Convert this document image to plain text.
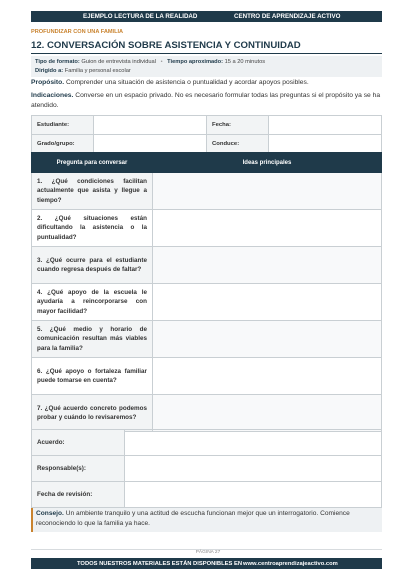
EJEMPLO LECTURA DE LA REALIDAD	CENTRO DE APRENDIZAJE ACTIVO
PROFUNDIZAR CON UNA FAMILIA
12. CONVERSACIÓN SOBRE ASISTENCIA Y CONTINUIDAD
Tipo de formato: Guion de entrevista individual • Tiempo aproximado: 15 a 20 minutos
Dirigido a: Familia y personal escolar
Propósito. Comprender una situación de asistencia o puntualidad y acordar apoyos posibles.
Indicaciones. Converse en un espacio privado. No es necesario formular todas las preguntas si el propósito ya se ha atendido.
Estudiante:		Fecha:	
Grado/grupo:		Conduce:	
Pregunta para conversar	Ideas principales
1. ¿Qué condiciones facilitan actualmente que asista y llegue a tiempo?	
2. ¿Qué situaciones están dificultando la asistencia o la puntualidad?	
3. ¿Qué ocurre para el estudiante cuando regresa después de faltar?	
4. ¿Qué apoyo de la escuela le ayudaría a reincorporarse con mayor facilidad?	
5. ¿Qué medio y horario de comunicación resultan más viables para la familia?	
6. ¿Qué apoyo o fortaleza familiar puede tomarse en cuenta?	
7. ¿Qué acuerdo concreto podemos probar y cuándo lo revisaremos?	
Acuerdo:	
Responsable(s):	
Fecha de revisión:	
Consejo. Un ambiente tranquilo y una actitud de escucha funcionan mejor que un interrogatorio. Comience reconociendo lo que la familia ya hace.
PÁGINA 27
TODOS NUESTROS MATERIALES ESTÁN DISPONIBLES EN www.centroaprendizajeactivo.com
